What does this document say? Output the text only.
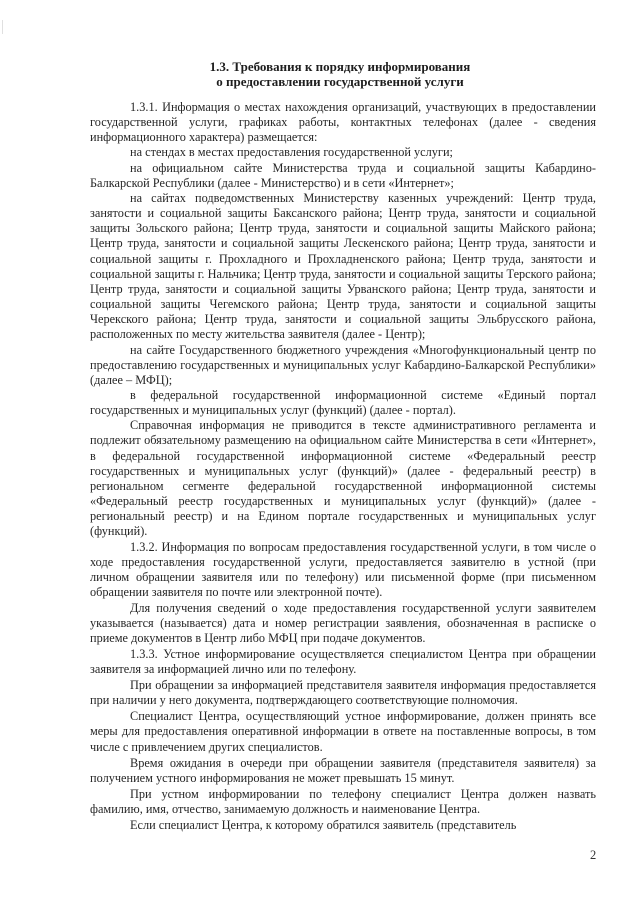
1.3. Требования к порядку информирования
о предоставлении государственной услуги

1.3.1. Информация о местах нахождения организаций, участвующих в предоставлении государственной услуги, графиках работы, контактных телефонах (далее - сведения информационного характера) размещается:

на стендах в местах предоставления государственной услуги;

на официальном сайте Министерства труда и социальной защиты Кабардино-Балкарской Республики (далее - Министерство) и в сети «Интернет»;

на сайтах подведомственных Министерству казенных учреждений: Центр труда, занятости и социальной защиты Баксанского района; Центр труда, занятости и социальной защиты Зольского района; Центр труда, занятости и социальной защиты Майского района; Центр труда, занятости и социальной защиты Лескенского района; Центр труда, занятости и социальной защиты г. Прохладного и Прохладненского района; Центр труда, занятости и социальной защиты г. Нальчика; Центр труда, занятости и социальной защиты Терского района; Центр труда, занятости и социальной защиты Урванского района; Центр труда, занятости и социальной защиты Чегемского района; Центр труда, занятости и социальной защиты Черекского района; Центр труда, занятости и социальной защиты Эльбрусского района, расположенных по месту жительства заявителя (далее - Центр);

на сайте Государственного бюджетного учреждения «Многофункциональный центр по предоставлению государственных и муниципальных услуг Кабардино-Балкарской Республики» (далее – МФЦ);

в федеральной государственной информационной системе «Единый портал государственных и муниципальных услуг (функций) (далее - портал).

Справочная информация не приводится в тексте административного регламента и подлежит обязательному размещению на официальном сайте Министерства в сети «Интернет», в федеральной государственной информационной системе «Федеральный реестр государственных и муниципальных услуг (функций)» (далее - федеральный реестр) в региональном сегменте федеральной государственной информационной системы «Федеральный реестр государственных и муниципальных услуг (функций)» (далее - региональный реестр) и на Едином портале государственных и муниципальных услуг (функций).

1.3.2. Информация по вопросам предоставления государственной услуги, в том числе о ходе предоставления государственной услуги, предоставляется заявителю в устной (при личном обращении заявителя или по телефону) или письменной форме (при письменном обращении заявителя по почте или электронной почте).

Для получения сведений о ходе предоставления государственной услуги заявителем указывается (называется) дата и номер регистрации заявления, обозначенная в расписке о приеме документов в Центр либо МФЦ при подаче документов.

1.3.3. Устное информирование осуществляется специалистом Центра при обращении заявителя за информацией лично или по телефону.

При обращении за информацией представителя заявителя информация предоставляется при наличии у него документа, подтверждающего соответствующие полномочия.

Специалист Центра, осуществляющий устное информирование, должен принять все меры для предоставления оперативной информации в ответе на поставленные вопросы, в том числе с привлечением других специалистов.

Время ожидания в очереди при обращении заявителя (представителя заявителя) за получением устного информирования не может превышать 15 минут.

При устном информировании по телефону специалист Центра должен назвать фамилию, имя, отчество, занимаемую должность и наименование Центра.

Если специалист Центра, к которому обратился заявитель (представитель

2
